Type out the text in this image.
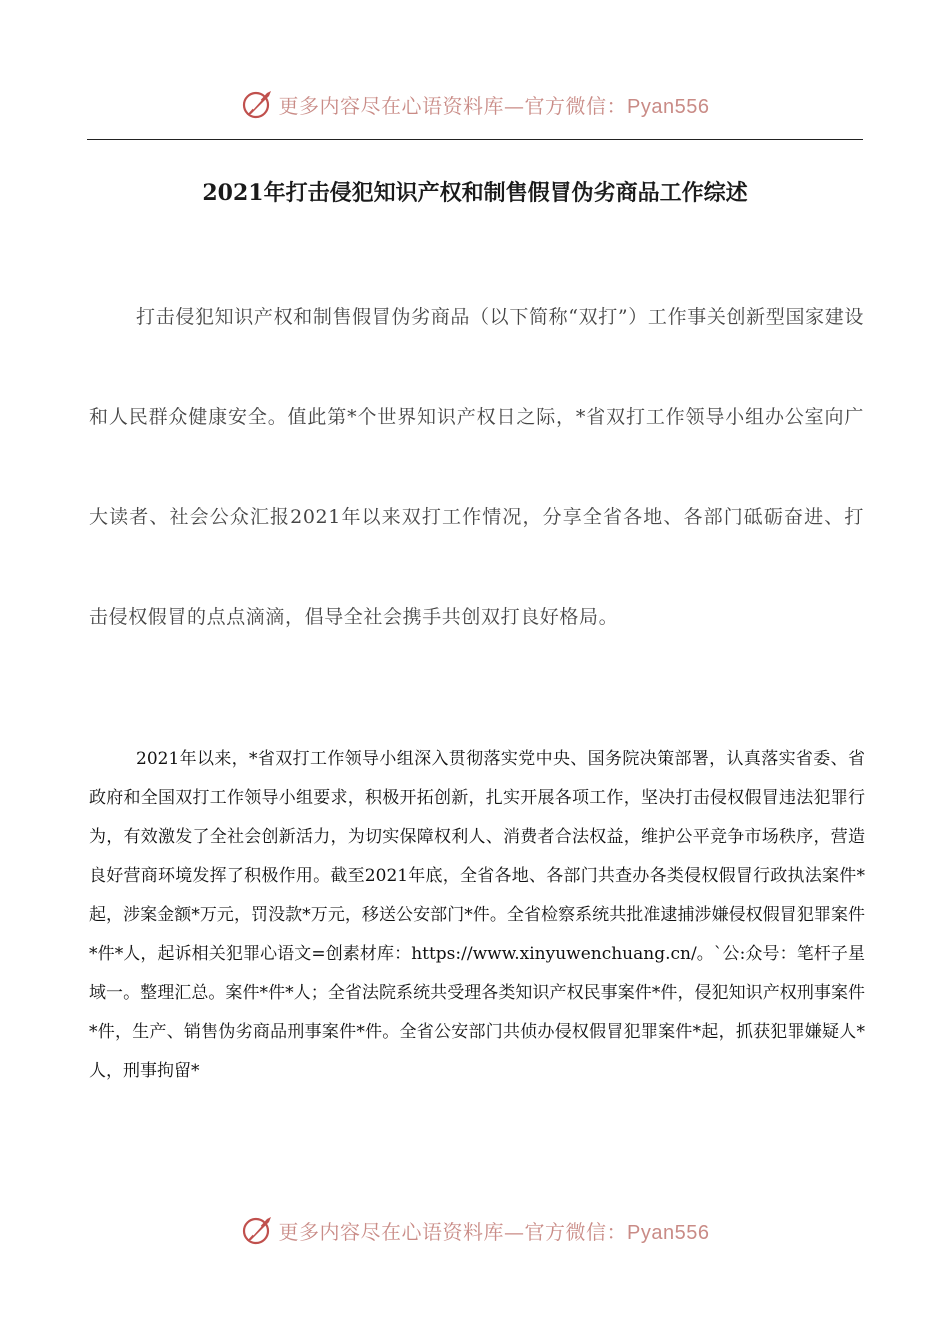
更多内容尽在心语资料库—官方微信：Pyan556
2021年打击侵犯知识产权和制售假冒伪劣商品工作综述

打击侵犯知识产权和制售假冒伪劣商品（以下简称“双打”）工作事关创新型国家建设和人民群众健康安全。值此第*个世界知识产权日之际，*省双打工作领导小组办公室向广大读者、社会公众汇报2021年以来双打工作情况，分享全省各地、各部门砥砺奋进、打击侵权假冒的点点滴滴，倡导全社会携手共创双打良好格局。

2021年以来，*省双打工作领导小组深入贯彻落实党中央、国务院决策部署，认真落实省委、省政府和全国双打工作领导小组要求，积极开拓创新，扎实开展各项工作，坚决打击侵权假冒违法犯罪行为，有效激发了全社会创新活力，为切实保障权利人、消费者合法权益，维护公平竞争市场秩序，营造良好营商环境发挥了积极作用。截至2021年底，全省各地、各部门共查办各类侵权假冒行政执法案件*起，涉案金额*万元，罚没款*万元，移送公安部门*件。全省检察系统共批准逮捕涉嫌侵权假冒犯罪案件*件*人，起诉相关犯罪心语文=创素材库：https://www.xinyuwenchuang.cn/。`公:众号：笔杆子星域一。整理汇总。案件*件*人；全省法院系统共受理各类知识产权民事案件*件，侵犯知识产权刑事案件*件，生产、销售伪劣商品刑事案件*件。全省公安部门共侦办侵权假冒犯罪案件*起，抓获犯罪嫌疑人*人，刑事拘留*

更多内容尽在心语资料库—官方微信：Pyan556
